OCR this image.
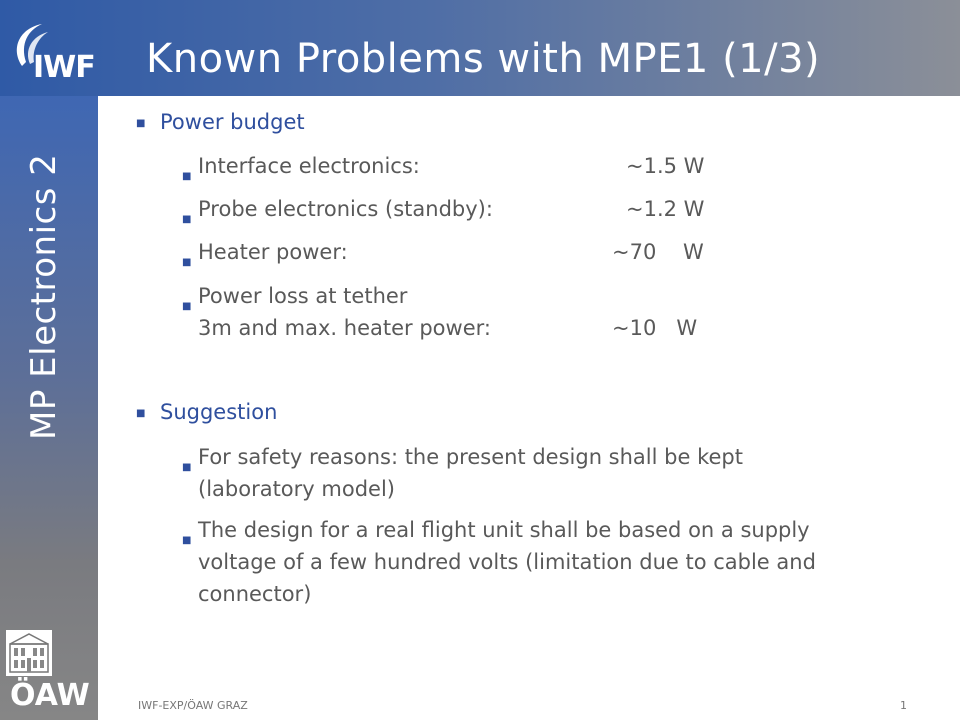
IWF Known Problems with MPE1 (1/3)
MP Electronics 2
ÖAW
■ Power budget
■ Interface electronics:	~1.5 W
■ Probe electronics (standby):	~1.2 W
■ Heater power:	~70    W
■ Power loss at tether
3m and max. heater power:	~10   W
■ Suggestion
■ For safety reasons: the present design shall be kept
(laboratory model)
■ The design for a real flight unit shall be based on a supply
voltage of a few hundred volts (limitation due to cable and
connector)
IWF-EXP/ÖAW GRAZ	1
